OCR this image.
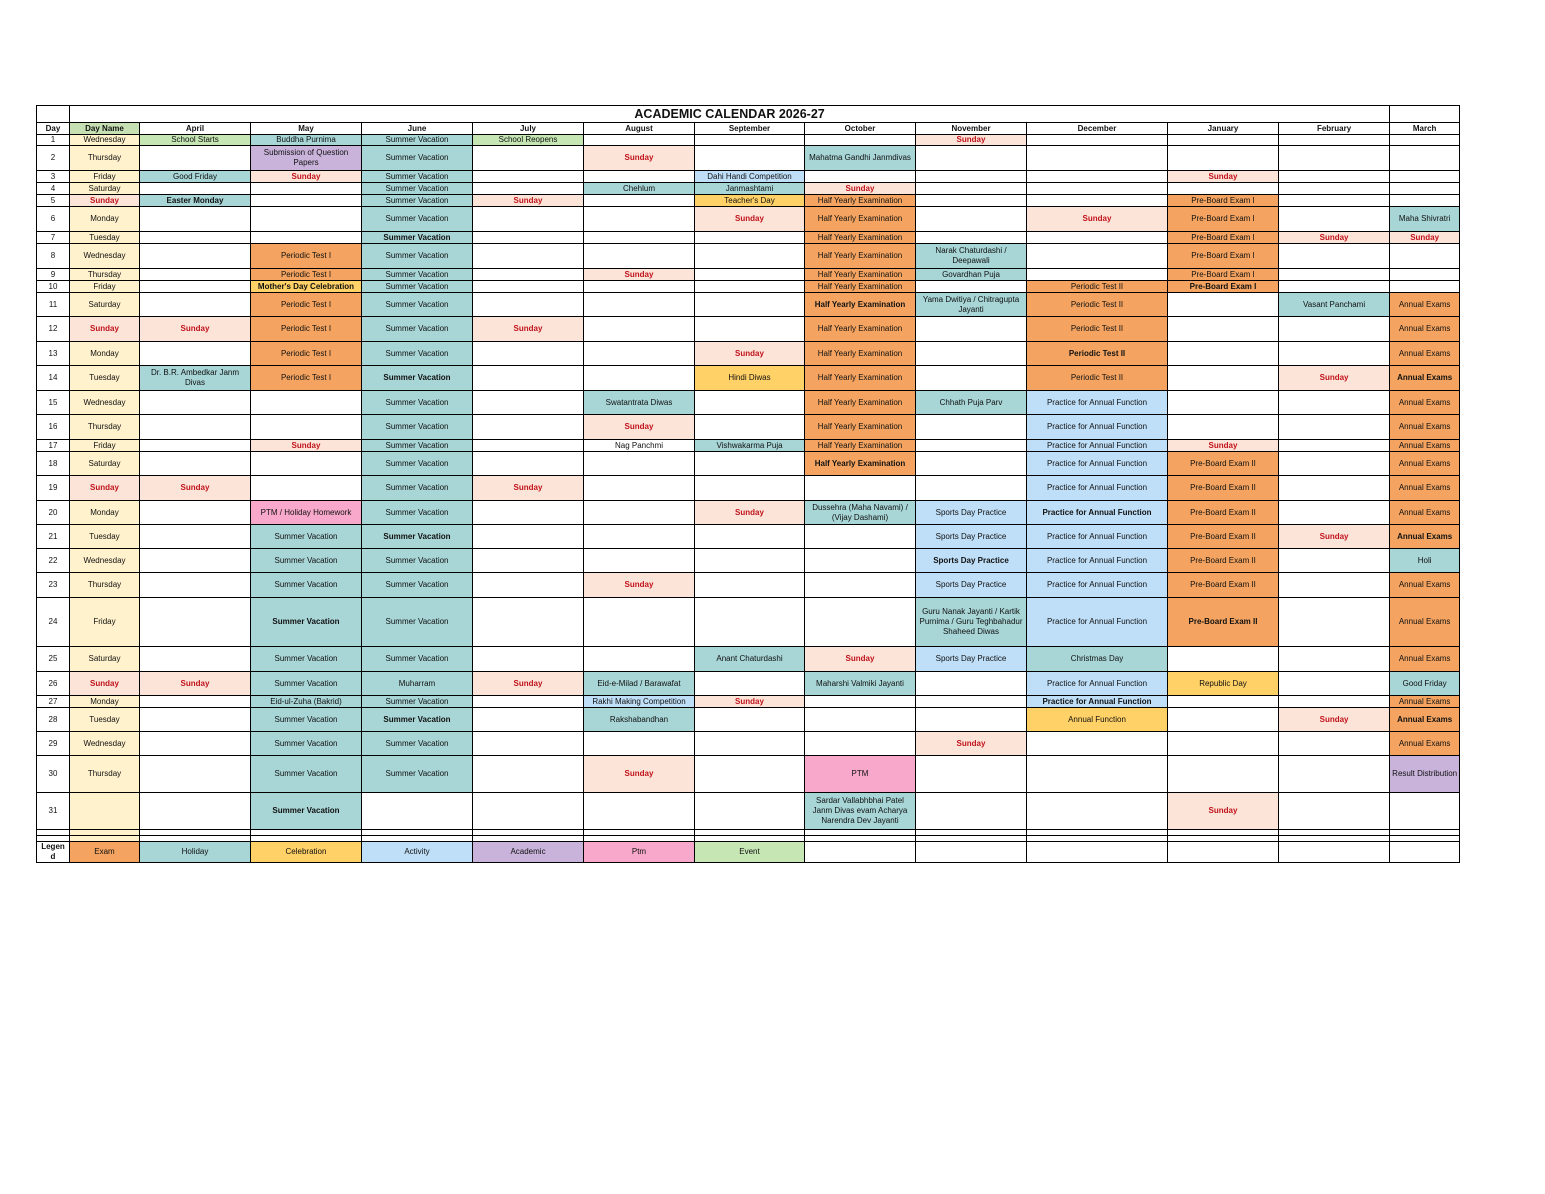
	ACADEMIC CALENDAR 2026-27												
Day	Day Name	April	May	June	July	August	September	October	November	December	January	February	March
1	Wednesday	School Starts	Buddha Purnima	Summer Vacation	School Reopens				Sunday				
2	Thursday		Submission of Question Papers	Summer Vacation		Sunday		Mahatma Gandhi Janmdivas					
3	Friday	Good Friday	Sunday	Summer Vacation			Dahi Handi Competition				Sunday		
4	Saturday			Summer Vacation		Chehlum	Janmashtami	Sunday					
5	Sunday	Easter Monday		Summer Vacation	Sunday		Teacher's Day	Half Yearly Examination			Pre-Board Exam I		
6	Monday			Summer Vacation			Sunday	Half Yearly Examination		Sunday	Pre-Board Exam I		Maha Shivratri
7	Tuesday			Summer Vacation				Half Yearly Examination			Pre-Board Exam I	Sunday	Sunday
8	Wednesday		Periodic Test I	Summer Vacation				Half Yearly Examination	Narak Chaturdashi / Deepawali		Pre-Board Exam I		
9	Thursday		Periodic Test I	Summer Vacation		Sunday		Half Yearly Examination	Govardhan Puja		Pre-Board Exam I		
10	Friday		Mother's Day Celebration	Summer Vacation				Half Yearly Examination		Periodic Test II	Pre-Board Exam I		
11	Saturday		Periodic Test I	Summer Vacation				Half Yearly Examination	Yama Dwitiya / Chitragupta Jayanti	Periodic Test II		Vasant Panchami	Annual Exams
12	Sunday	Sunday	Periodic Test I	Summer Vacation	Sunday			Half Yearly Examination		Periodic Test II			Annual Exams
13	Monday		Periodic Test I	Summer Vacation			Sunday	Half Yearly Examination		Periodic Test II			Annual Exams
14	Tuesday	Dr. B.R. Ambedkar Janm Divas	Periodic Test I	Summer Vacation			Hindi Diwas	Half Yearly Examination		Periodic Test II		Sunday	Annual Exams
15	Wednesday			Summer Vacation		Swatantrata Diwas		Half Yearly Examination	Chhath Puja Parv	Practice for Annual Function			Annual Exams
16	Thursday			Summer Vacation		Sunday		Half Yearly Examination		Practice for Annual Function			Annual Exams
17	Friday		Sunday	Summer Vacation		Nag Panchmi	Vishwakarma Puja	Half Yearly Examination		Practice for Annual Function	Sunday		Annual Exams
18	Saturday			Summer Vacation				Half Yearly Examination		Practice for Annual Function	Pre-Board Exam II		Annual Exams
19	Sunday	Sunday		Summer Vacation	Sunday					Practice for Annual Function	Pre-Board Exam II		Annual Exams
20	Monday		PTM / Holiday Homework	Summer Vacation			Sunday	Dussehra (Maha Navami) / (Vijay Dashami)	Sports Day Practice	Practice for Annual Function	Pre-Board Exam II		Annual Exams
21	Tuesday		Summer Vacation	Summer Vacation					Sports Day Practice	Practice for Annual Function	Pre-Board Exam II	Sunday	Annual Exams
22	Wednesday		Summer Vacation	Summer Vacation					Sports Day Practice	Practice for Annual Function	Pre-Board Exam II		Holi
23	Thursday		Summer Vacation	Summer Vacation		Sunday			Sports Day Practice	Practice for Annual Function	Pre-Board Exam II		Annual Exams
24	Friday		Summer Vacation	Summer Vacation					Guru Nanak Jayanti / Kartik Purnima / Guru Teghbahadur Shaheed Diwas	Practice for Annual Function	Pre-Board Exam II		Annual Exams
25	Saturday		Summer Vacation	Summer Vacation			Anant Chaturdashi	Sunday	Sports Day Practice	Christmas Day			Annual Exams
26	Sunday	Sunday	Summer Vacation	Muharram	Sunday	Eid-e-Milad / Barawafat		Maharshi Valmiki Jayanti		Practice for Annual Function	Republic Day		Good Friday
27	Monday		Eid-ul-Zuha (Bakrid)	Summer Vacation		Rakhi Making Competition	Sunday			Practice for Annual Function			Annual Exams
28	Tuesday		Summer Vacation	Summer Vacation		Rakshabandhan				Annual Function		Sunday	Annual Exams
29	Wednesday		Summer Vacation	Summer Vacation					Sunday				Annual Exams
30	Thursday		Summer Vacation	Summer Vacation		Sunday		PTM					Result Distribution
31			Summer Vacation					Sardar Vallabhbhai Patel Janm Divas evam Acharya Narendra Dev Jayanti			Sunday		

Legend	Exam	Holiday	Celebration	Activity	Academic	Ptm	Event						
